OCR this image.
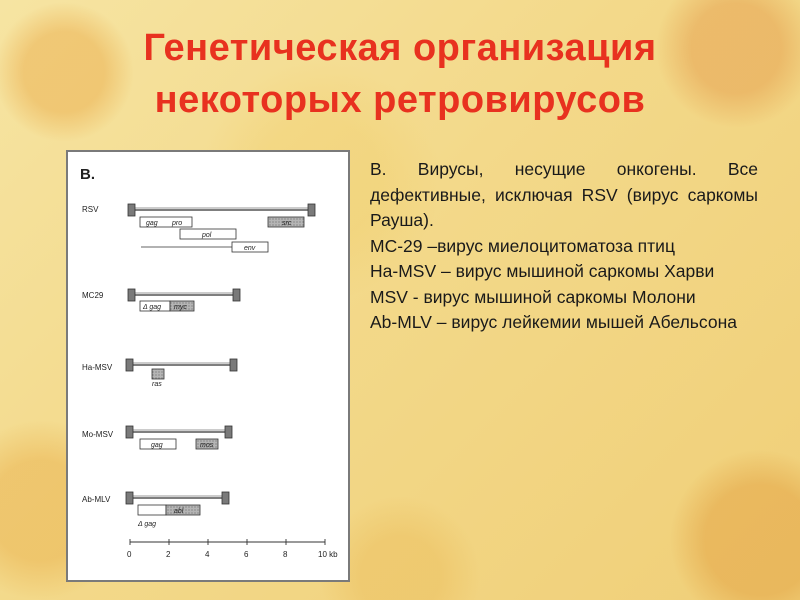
Генетическая организация
некоторых ретровирусов
B.
RSV
gag pro	src
pol
env
MC29
Δ gag myc
Ha-MSV
ras
Mo-MSV
gag	mos
Ab-MLV
abl
Δ gag
0	2	4	6	8	10 kb

B. Вирусы, несущие онкогены. Все дефективные, исключая RSV (вирус саркомы Рауша).

MC-29 –вирус миелоцитоматоза птиц

Ha-MSV – вирус мышиной саркомы Харви

MSV - вирус мышиной саркомы Молони

Ab-MLV – вирус лейкемии мышей Абельсона
